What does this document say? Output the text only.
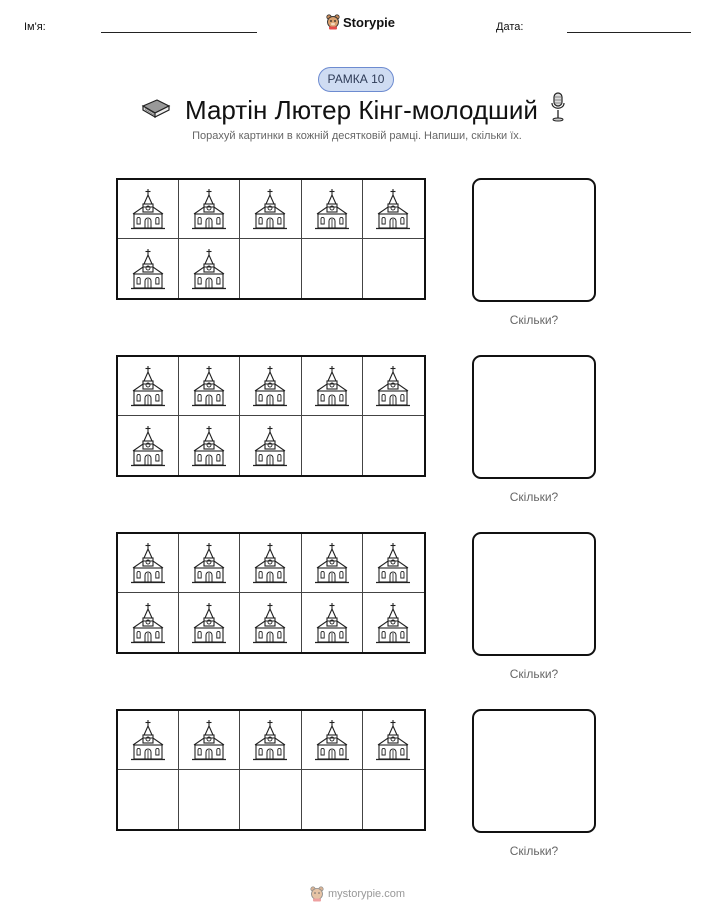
Ім'я:	Storypie	Дата:
РАМКА 10
Мартін Лютер Кінг-молодший
Порахуй картинки в кожній десятковій рамці. Напиши, скільки їх.
Скільки?
Скільки?
Скільки?
Скільки?
mystorypie.com
